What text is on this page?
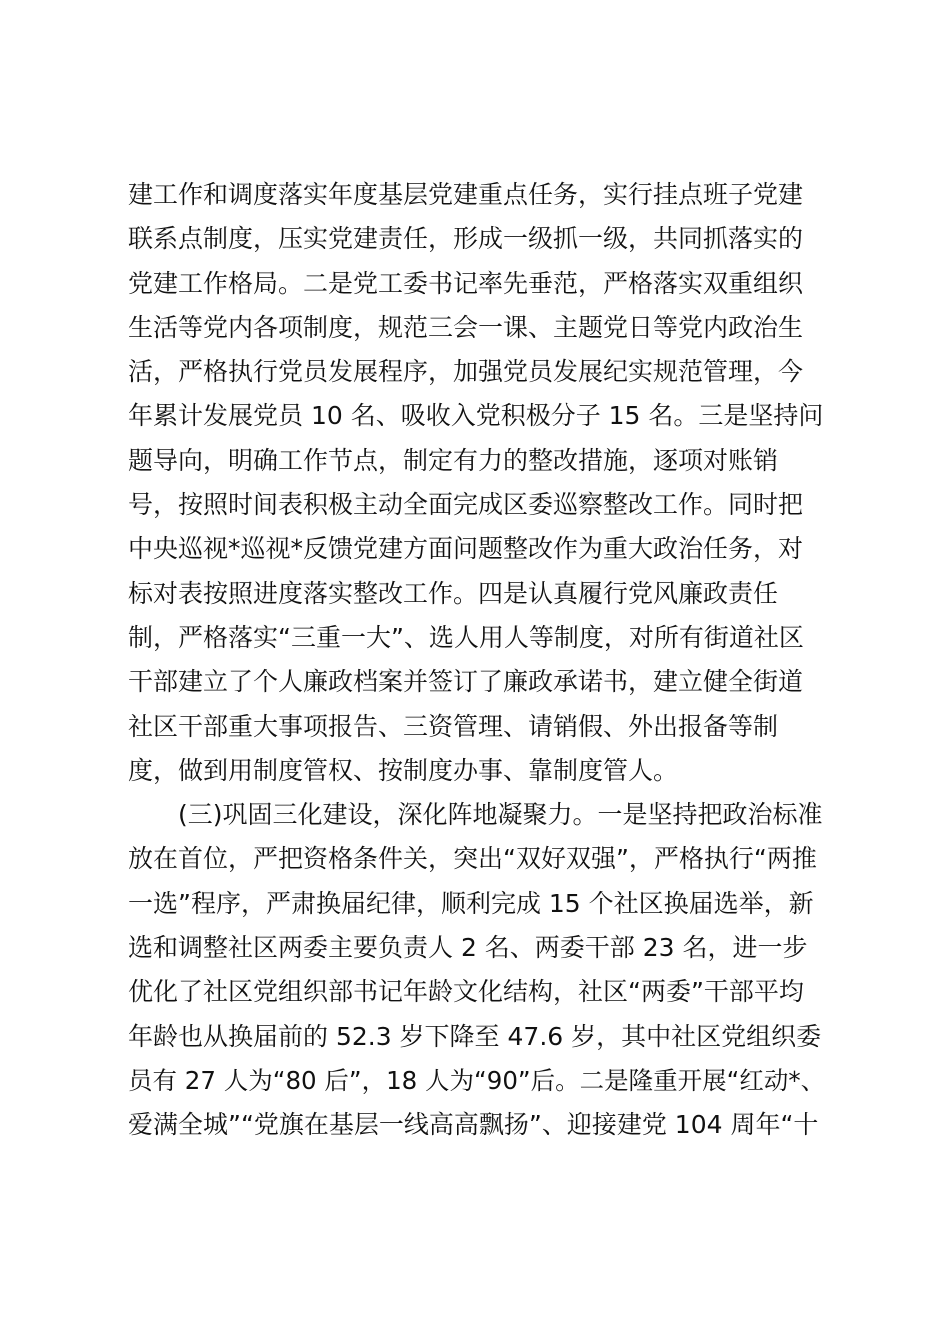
建工作和调度落实年度基层党建重点任务，实行挂点班子党建
联系点制度，压实党建责任，形成一级抓一级，共同抓落实的
党建工作格局。二是党工委书记率先垂范，严格落实双重组织
生活等党内各项制度，规范三会一课、主题党日等党内政治生
活，严格执行党员发展程序，加强党员发展纪实规范管理，今
年累计发展党员 10 名、吸收入党积极分子 15 名。三是坚持问
题导向，明确工作节点，制定有力的整改措施，逐项对账销
号，按照时间表积极主动全面完成区委巡察整改工作。同时把
中央巡视*巡视*反馈党建方面问题整改作为重大政治任务，对
标对表按照进度落实整改工作。四是认真履行党风廉政责任
制，严格落实“三重一大”、选人用人等制度，对所有街道社区
干部建立了个人廉政档案并签订了廉政承诺书，建立健全街道
社区干部重大事项报告、三资管理、请销假、外出报备等制
度，做到用制度管权、按制度办事、靠制度管人。
　　(三)巩固三化建设，深化阵地凝聚力。一是坚持把政治标准
放在首位，严把资格条件关，突出“双好双强”，严格执行“两推
一选”程序，严肃换届纪律，顺利完成 15 个社区换届选举，新
选和调整社区两委主要负责人 2 名、两委干部 23 名，进一步
优化了社区党组织部书记年龄文化结构，社区“两委”干部平均
年龄也从换届前的 52.3 岁下降至 47.6 岁，其中社区党组织委
员有 27 人为“80 后”，18 人为“90”后。二是隆重开展“红动*、
爱满全城”“党旗在基层一线高高飘扬”、迎接建党 104 周年“十
